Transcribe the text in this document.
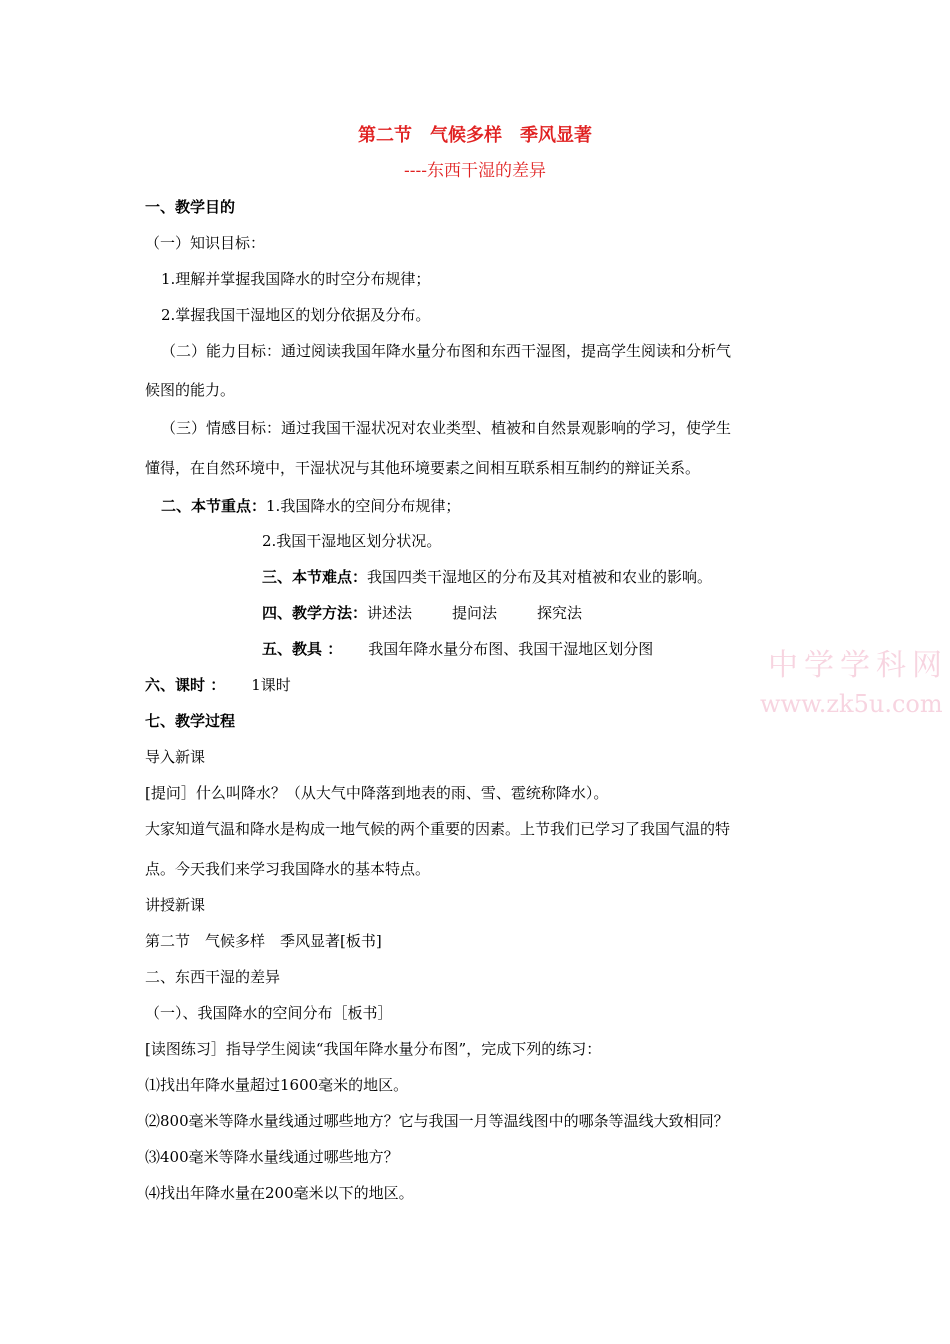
第二节　气候多样　季风显著
----东西干湿的差异
一、教学目的
（一）知识目标：
1.理解并掌握我国降水的时空分布规律；
2.掌握我国干湿地区的划分依据及分布。
（二）能力目标：通过阅读我国年降水量分布图和东西干湿图，提高学生阅读和分析气
候图的能力。
（三）情感目标：通过我国干湿状况对农业类型、植被和自然景观影响的学习，使学生
懂得，在自然环境中，干湿状况与其他环境要素之间相互联系相互制约的辩证关系。
二、本节重点：1.我国降水的空间分布规律；
2.我国干湿地区划分状况。
三、本节难点：我国四类干湿地区的分布及其对植被和农业的影响。
四、教学方法：讲述法	提问法	探究法
五、教具 ： 我国年降水量分布图、我国干湿地区划分图
六、课时 ： 1课时
七、教学过程
导入新课
[提问］什么叫降水？（从大气中降落到地表的雨、雪、雹统称降水）。
大家知道气温和降水是构成一地气候的两个重要的因素。上节我们已学习了我国气温的特
点。今天我们来学习我国降水的基本特点。
讲授新课
第二节　气候多样　季风显著[板书]
二、东西干湿的差异
（一）、我国降水的空间分布［板书］
[读图练习］指导学生阅读“我国年降水量分布图”，完成下列的练习：
⑴找出年降水量超过1600毫米的地区。
⑵800毫米等降水量线通过哪些地方？它与我国一月等温线图中的哪条等温线大致相同？
⑶400毫米等降水量线通过哪些地方？
⑷找出年降水量在200毫米以下的地区。
中学学科网
www.zk5u.com
